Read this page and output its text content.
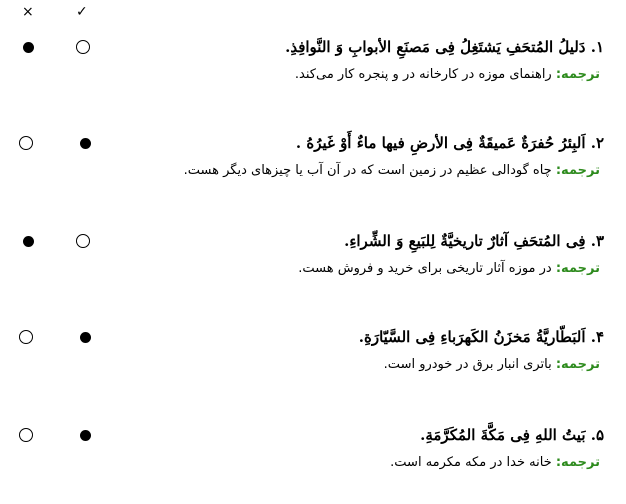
×	✓
۱. دَلیلُ المُتحَفِ یَشتَغِلُ فِی مَصنَعِ الأبوابِ وَ النَّوافِذِ.
ترجمه: راهنمای موزه در کارخانه در و پنجره کار می‌کند.
۲. اَلبِئرُ حُفرَةٌ عَمیقَةٌ فِی الأرضِ فیها ماءٌ أَوْ غَیرُهُ .
ترجمه: چاه گودالی عظیم در زمین است که در آن آب یا چیزهای دیگر هست.
۳. فِی المُتحَفِ آثارٌ تاریخیَّةٌ لِلبَیعِ وَ الشِّراءِ.
ترجمه: در موزه آثار تاریخی برای خرید و فروش هست.
۴. اَلبَطّاریَّةُ مَخزَنُ الکَهرَباءِ فِی السَّیّارَةِ.
ترجمه: باتری انبار برق در خودرو است.
۵. بَیتُ اللهِ فِی مَکَّةَ المُکَرَّمَةِ.
ترجمه: خانه خدا در مکه مکرمه است.
